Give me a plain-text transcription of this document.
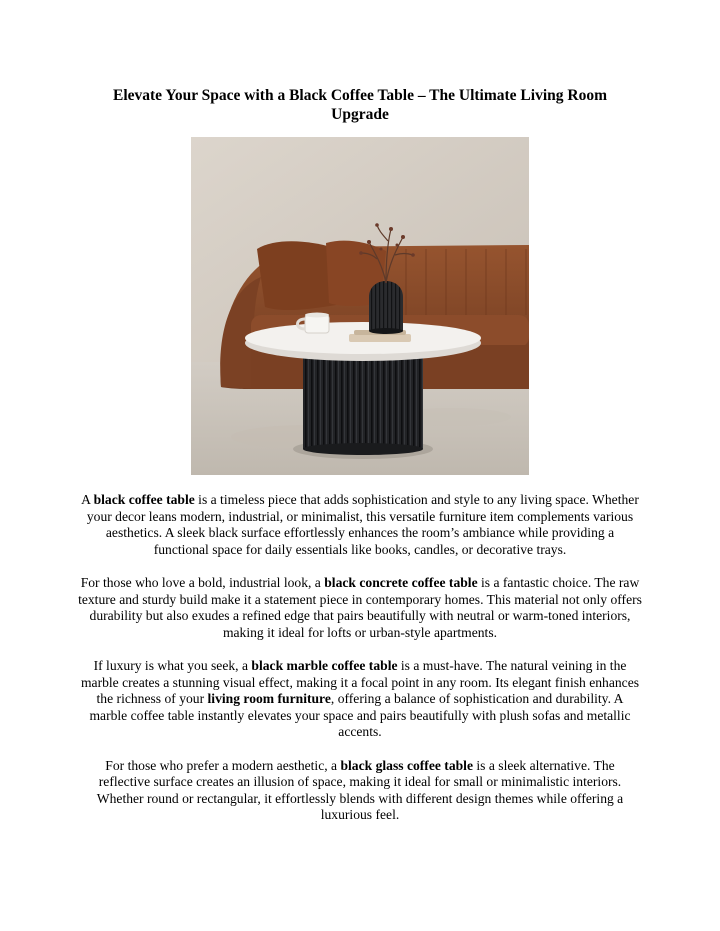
Elevate Your Space with a Black Coffee Table – The Ultimate Living Room Upgrade

A black coffee table is a timeless piece that adds sophistication and style to any living space. Whether your decor leans modern, industrial, or minimalist, this versatile furniture item complements various aesthetics. A sleek black surface effortlessly enhances the room’s ambiance while providing a functional space for daily essentials like books, candles, or decorative trays.

For those who love a bold, industrial look, a black concrete coffee table is a fantastic choice. The raw texture and sturdy build make it a statement piece in contemporary homes. This material not only offers durability but also exudes a refined edge that pairs beautifully with neutral or warm-toned interiors, making it ideal for lofts or urban-style apartments.

If luxury is what you seek, a black marble coffee table is a must-have. The natural veining in the marble creates a stunning visual effect, making it a focal point in any room. Its elegant finish enhances the richness of your living room furniture, offering a balance of sophistication and durability. A marble coffee table instantly elevates your space and pairs beautifully with plush sofas and metallic accents.

For those who prefer a modern aesthetic, a black glass coffee table is a sleek alternative. The reflective surface creates an illusion of space, making it ideal for small or minimalistic interiors. Whether round or rectangular, it effortlessly blends with different design themes while offering a luxurious feel.
